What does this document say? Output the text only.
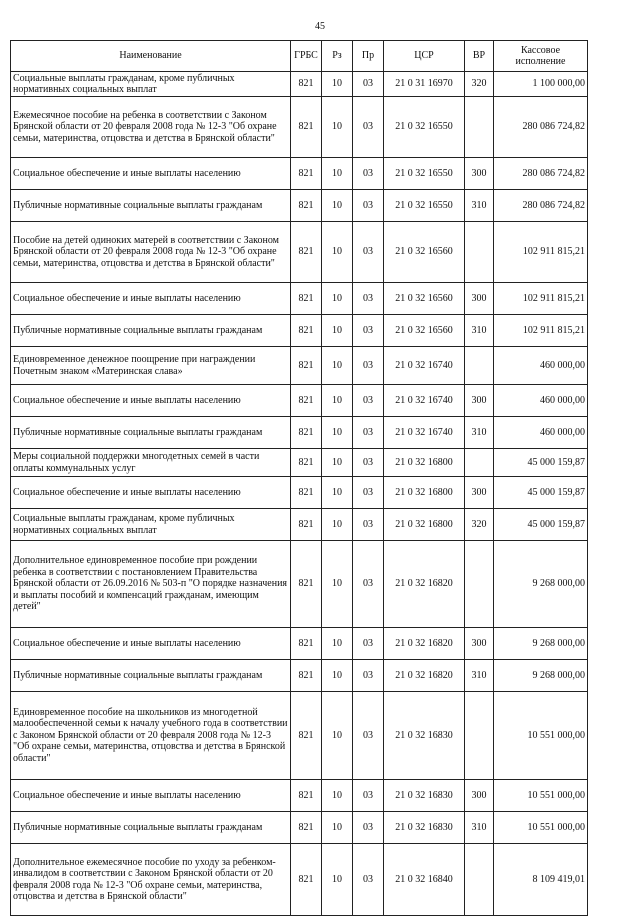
45
Наименование	ГРБС	Рз	Пр	ЦСР	ВР	Кассовое
исполнение

Социальные выплаты гражданам, кроме публичных нормативных социальных выплат	821	10	03	21 0 31 16970	320	1 100 000,00
Ежемесячное пособие на ребенка в соответствии с Законом Брянской области от 20 февраля 2008 года № 12-3 "Об охране семьи, материнства, отцовства и детства в Брянской области"	821	10	03	21 0 32 16550		280 086 724,82
Социальное обеспечение и иные выплаты населению	821	10	03	21 0 32 16550	300	280 086 724,82
Публичные нормативные социальные выплаты гражданам	821	10	03	21 0 32 16550	310	280 086 724,82
Пособие на детей одиноких матерей в соответствии с Законом Брянской области от 20 февраля 2008 года № 12-3 "Об охране семьи, материнства, отцовства и детства в Брянской области"	821	10	03	21 0 32 16560		102 911 815,21
Социальное обеспечение и иные выплаты населению	821	10	03	21 0 32 16560	300	102 911 815,21
Публичные нормативные социальные выплаты гражданам	821	10	03	21 0 32 16560	310	102 911 815,21
Единовременное денежное поощрение при награждении Почетным знаком «Материнская слава»	821	10	03	21 0 32 16740		460 000,00
Социальное обеспечение и иные выплаты населению	821	10	03	21 0 32 16740	300	460 000,00
Публичные нормативные социальные выплаты гражданам	821	10	03	21 0 32 16740	310	460 000,00
Меры социальной поддержки многодетных семей в части оплаты коммунальных услуг	821	10	03	21 0 32 16800		45 000 159,87
Социальное обеспечение и иные выплаты населению	821	10	03	21 0 32 16800	300	45 000 159,87
Социальные выплаты гражданам, кроме публичных нормативных социальных выплат	821	10	03	21 0 32 16800	320	45 000 159,87
Дополнительное единовременное пособие при рождении ребенка в соответствии с постановлением Правительства Брянской области от 26.09.2016 № 503-п "О порядке назначения и выплаты пособий и компенсаций гражданам, имеющим детей"	821	10	03	21 0 32 16820		9 268 000,00
Социальное обеспечение и иные выплаты населению	821	10	03	21 0 32 16820	300	9 268 000,00
Публичные нормативные социальные выплаты гражданам	821	10	03	21 0 32 16820	310	9 268 000,00
Единовременное пособие на школьников из многодетной малообеспеченной семьи к началу учебного года в соответствии с Законом Брянской области от 20 февраля 2008 года № 12-3 "Об охране семьи, материнства, отцовства и детства в Брянской области"	821	10	03	21 0 32 16830		10 551 000,00
Социальное обеспечение и иные выплаты населению	821	10	03	21 0 32 16830	300	10 551 000,00
Публичные нормативные социальные выплаты гражданам	821	10	03	21 0 32 16830	310	10 551 000,00
Дополнительное ежемесячное пособие по уходу за ребенком-инвалидом в соответствии с Законом Брянской области от 20 февраля 2008 года № 12-3 "Об охране семьи, материнства, отцовства и детства в Брянской области"	821	10	03	21 0 32 16840		8 109 419,01
